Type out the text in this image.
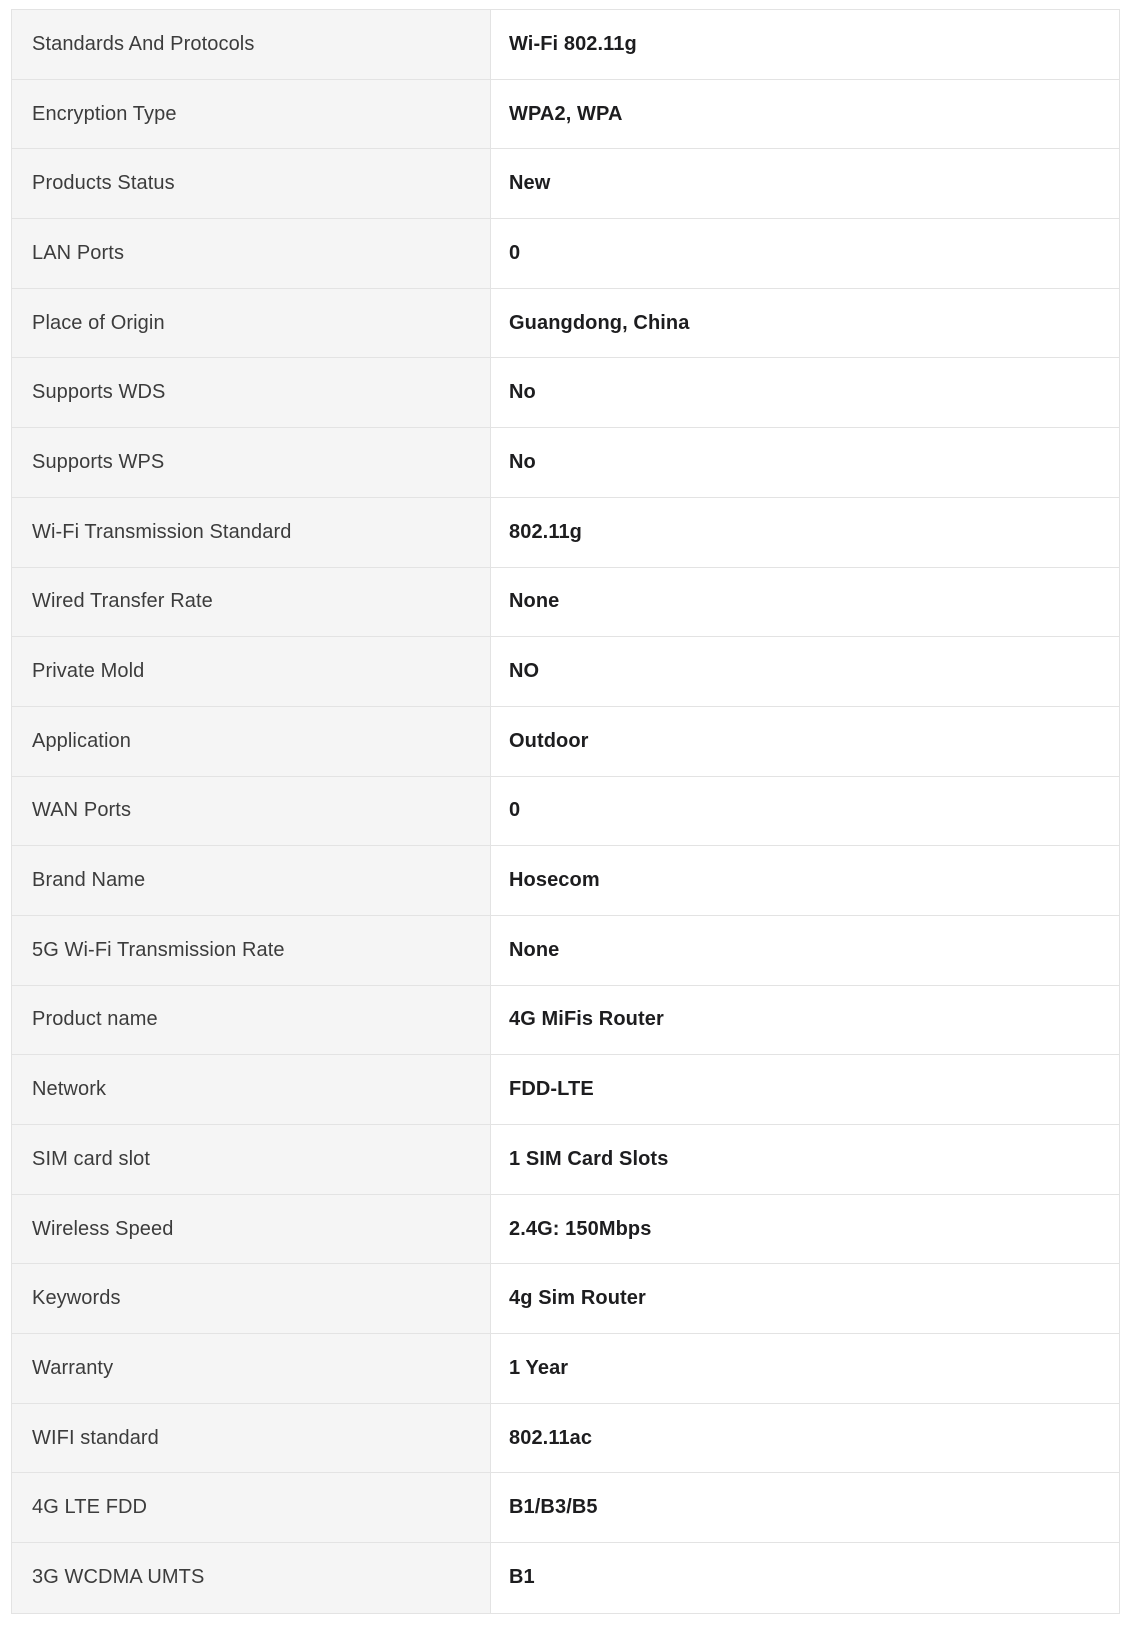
Standards And Protocols	Wi-Fi 802.11g
Encryption Type	WPA2, WPA
Products Status	New
LAN Ports	0
Place of Origin	Guangdong, China
Supports WDS	No
Supports WPS	No
Wi-Fi Transmission Standard	802.11g
Wired Transfer Rate	None
Private Mold	NO
Application	Outdoor
WAN Ports	0
Brand Name	Hosecom
5G Wi-Fi Transmission Rate	None
Product name	4G MiFis Router
Network	FDD-LTE
SIM card slot	1 SIM Card Slots
Wireless Speed	2.4G: 150Mbps
Keywords	4g Sim Router
Warranty	1 Year
WIFI standard	802.11ac
4G LTE FDD	B1/B3/B5
3G WCDMA UMTS	B1
